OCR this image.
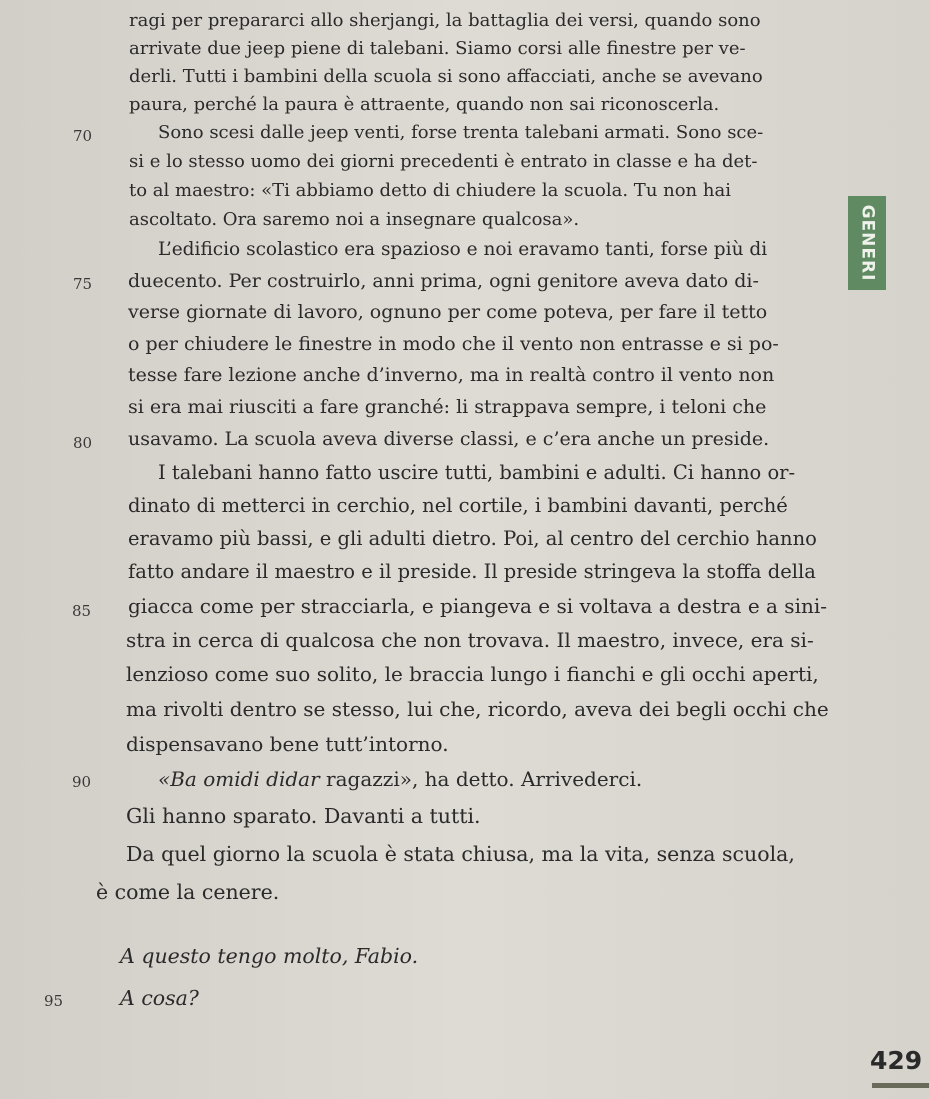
ragi per prepararci allo sherjangi, la battaglia dei versi, quando sono
arrivate due jeep piene di talebani. Siamo corsi alle finestre per ve-
derli. Tutti i bambini della scuola si sono affacciati, anche se avevano
paura, perché la paura è attraente, quando non sai riconoscerla.
Sono scesi dalle jeep venti, forse trenta talebani armati. Sono sce-
si e lo stesso uomo dei giorni precedenti è entrato in classe e ha det-
to al maestro: «Ti abbiamo detto di chiudere la scuola. Tu non hai
ascoltato. Ora saremo noi a insegnare qualcosa».
L’edificio scolastico era spazioso e noi eravamo tanti, forse più di
duecento. Per costruirlo, anni prima, ogni genitore aveva dato di-
verse giornate di lavoro, ognuno per come poteva, per fare il tetto
o per chiudere le finestre in modo che il vento non entrasse e si po-
tesse fare lezione anche d’inverno, ma in realtà contro il vento non
si era mai riusciti a fare granché: li strappava sempre, i teloni che
usavamo. La scuola aveva diverse classi, e c’era anche un preside.
I talebani hanno fatto uscire tutti, bambini e adulti. Ci hanno or-
dinato di metterci in cerchio, nel cortile, i bambini davanti, perché
eravamo più bassi, e gli adulti dietro. Poi, al centro del cerchio hanno
fatto andare il maestro e il preside. Il preside stringeva la stoffa della
giacca come per stracciarla, e piangeva e si voltava a destra e a sini-
stra in cerca di qualcosa che non trovava. Il maestro, invece, era si-
lenzioso come suo solito, le braccia lungo i fianchi e gli occhi aperti,
ma rivolti dentro se stesso, lui che, ricordo, aveva dei begli occhi che
dispensavano bene tutt’intorno.
«Ba omidi didar ragazzi», ha detto. Arrivederci.
Gli hanno sparato. Davanti a tutti.
Da quel giorno la scuola è stata chiusa, ma la vita, senza scuola,
è come la cenere.
A questo tengo molto, Fabio.
A cosa?
70
75
80
85
90
95
GENERI
429
